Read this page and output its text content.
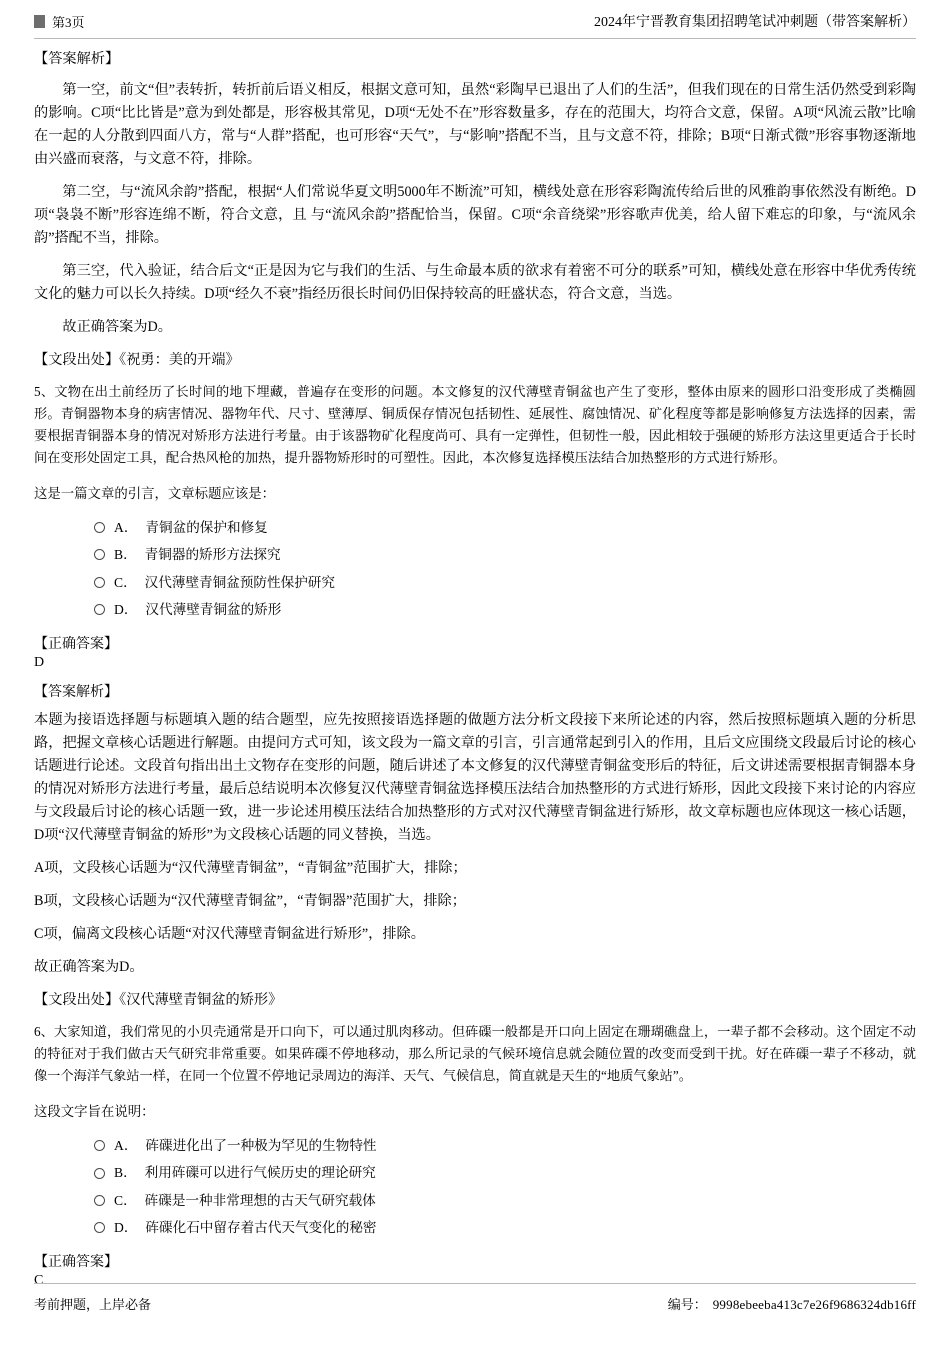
第3页	2024年宁晋教育集团招聘笔试冲刺题（带答案解析）
【答案解析】

第一空，前文“但”表转折，转折前后语义相反，根据文意可知，虽然“彩陶早已退出了人们的生活”，但我们现在的日常生活仍然受到彩陶的影响。C项“比比皆是”意为到处都是，形容极其常见，D项“无处不在”形容数量多，存在的范围大，均符合文意，保留。A项“风流云散”比喻在一起的人分散到四面八方，常与“人群”搭配，也可形容“天气”，与“影响”搭配不当，且与文意不符，排除；B项“日渐式微”形容事物逐渐地由兴盛而衰落，与文意不符，排除。

第二空，与“流风余韵”搭配，根据“人们常说华夏文明5000年不断流”可知，横线处意在形容彩陶流传给后世的风雅韵事依然没有断绝。D项“袅袅不断”形容连绵不断，符合文意，且 与“流风余韵”搭配恰当，保留。C项“余音绕梁”形容歌声优美，给人留下难忘的印象，与“流风余韵”搭配不当，排除。

第三空，代入验证，结合后文“正是因为它与我们的生活、与生命最本质的欲求有着密不可分的联系”可知，横线处意在形容中华优秀传统文化的魅力可以长久持续。D项“经久不衰”指经历很长时间仍旧保持较高的旺盛状态，符合文意，当选。

故正确答案为D。

【文段出处】《祝勇：美的开端》

5、文物在出土前经历了长时间的地下埋藏，普遍存在变形的问题。本文修复的汉代薄壁青铜盆也产生了变形，整体由原来的圆形口沿变形成了类椭圆形。青铜器物本身的病害情况、器物年代、尺寸、壁薄厚、铜质保存情况包括韧性、延展性、腐蚀情况、矿化程度等都是影响修复方法选择的因素，需要根据青铜器本身的情况对矫形方法进行考量。由于该器物矿化程度尚可、具有一定弹性，但韧性一般，因此相较于强硬的矫形方法这里更适合于长时间在变形处固定工具，配合热风枪的加热，提升器物矫形时的可塑性。因此，本次修复选择模压法结合加热整形的方式进行矫形。

这是一篇文章的引言，文章标题应该是：
A． 青铜盆的保护和修复
B． 青铜器的矫形方法探究
C． 汉代薄壁青铜盆预防性保护研究
D． 汉代薄壁青铜盆的矫形
【正确答案】
D
【答案解析】

本题为接语选择题与标题填入题的结合题型，应先按照接语选择题的做题方法分析文段接下来所论述的内容，然后按照标题填入题的分析思路，把握文章核心话题进行解题。由提问方式可知，该文段为一篇文章的引言，引言通常起到引入的作用，且后文应围绕文段最后讨论的核心话题进行论述。文段首句指出出土文物存在变形的问题，随后讲述了本文修复的汉代薄壁青铜盆变形后的特征，后文讲述需要根据青铜器本身的情况对矫形方法进行考量，最后总结说明本次修复汉代薄壁青铜盆选择模压法结合加热整形的方式进行矫形，因此文段接下来讨论的内容应与文段最后讨论的核心话题一致，进一步论述用模压法结合加热整形的方式对汉代薄壁青铜盆进行矫形，故文章标题也应体现这一核心话题，D项“汉代薄壁青铜盆的矫形”为文段核心话题的同义替换，当选。

A项，文段核心话题为“汉代薄壁青铜盆”，“青铜盆”范围扩大，排除；

B项，文段核心话题为“汉代薄壁青铜盆”，“青铜器”范围扩大，排除；

C项，偏离文段核心话题“对汉代薄壁青铜盆进行矫形”，排除。

故正确答案为D。

【文段出处】《汉代薄壁青铜盆的矫形》

6、大家知道，我们常见的小贝壳通常是开口向下，可以通过肌肉移动。但砗磲一般都是开口向上固定在珊瑚礁盘上，一辈子都不会移动。这个固定不动的特征对于我们做古天气研究非常重要。如果砗磲不停地移动，那么所记录的气候环境信息就会随位置的改变而受到干扰。好在砗磲一辈子不移动，就像一个海洋气象站一样，在同一个位置不停地记录周边的海洋、天气、气候信息，简直就是天生的“地质气象站”。

这段文字旨在说明：
A． 砗磲进化出了一种极为罕见的生物特性
B． 利用砗磲可以进行气候历史的理论研究
C． 砗磲是一种非常理想的古天气研究载体
D． 砗磲化石中留存着古代天气变化的秘密
【正确答案】
C
考前押题，上岸必备	编号： 9998ebeeba413c7e26f9686324db16ff
